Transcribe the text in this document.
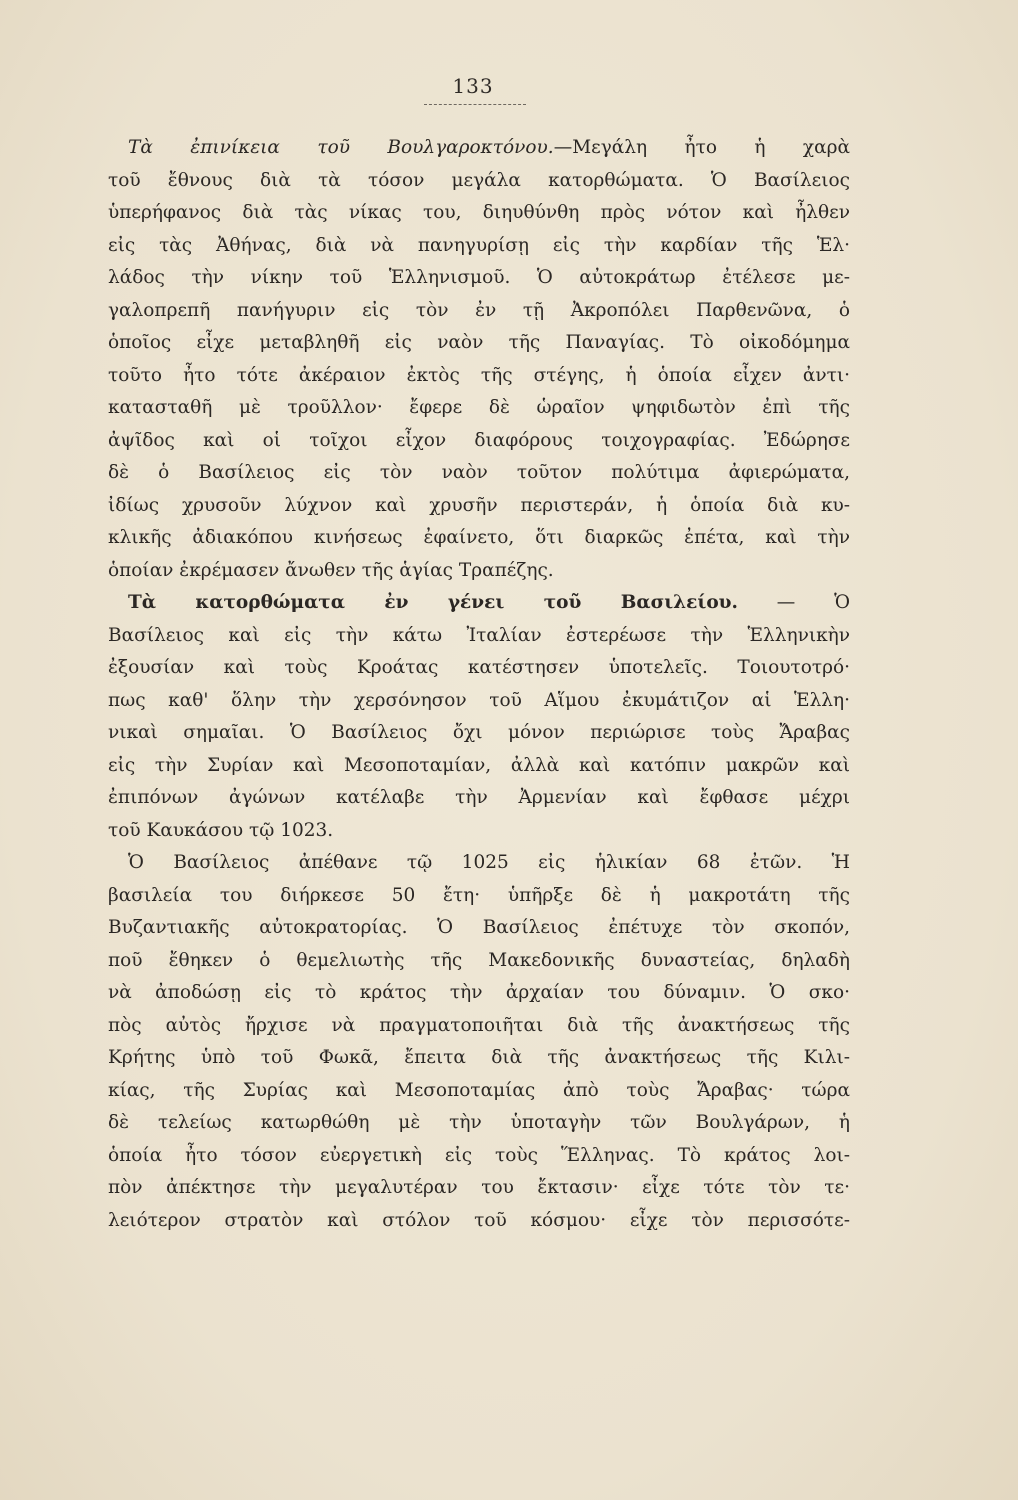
133
Τὰ ἐπινίκεια τοῦ Βουλγαροκτόνου.—Μεγάλη ἦτο ἡ χαρὰ
τοῦ ἔθνους διὰ τὰ τόσον μεγάλα κατορθώματα. Ὁ Βασίλειος
ὑπερήφανος διὰ τὰς νίκας του, διηυθύνθη πρὸς νότον καὶ ἦλθεν
εἰς τὰς Ἀθήνας, διὰ νὰ πανηγυρίσῃ εἰς τὴν καρδίαν τῆς Ἑλ·
λάδος τὴν νίκην τοῦ Ἑλληνισμοῦ. Ὁ αὐτοκράτωρ ἐτέλεσε με-
γαλοπρεπῆ πανήγυριν εἰς τὸν ἐν τῇ Ἀκροπόλει Παρθενῶνα, ὁ
ὁποῖος εἶχε μεταβληθῆ εἰς ναὸν τῆς Παναγίας. Τὸ οἰκοδόμημα
τοῦτο ἦτο τότε ἀκέραιον ἐκτὸς τῆς στέγης, ἡ ὁποία εἶχεν ἀντι·
κατασταθῆ μὲ τροῦλλον· ἔφερε δὲ ὡραῖον ψηφιδωτὸν ἐπὶ τῆς
ἀψῖδος καὶ οἱ τοῖχοι εἶχον διαφόρους τοιχογραφίας. Ἐδώρησε
δὲ ὁ Βασίλειος εἰς τὸν ναὸν τοῦτον πολύτιμα ἀφιερώματα,
ἰδίως χρυσοῦν λύχνον καὶ χρυσῆν περιστεράν, ἡ ὁποία διὰ κυ-
κλικῆς ἀδιακόπου κινήσεως ἐφαίνετο, ὅτι διαρκῶς ἐπέτα, καὶ τὴν
ὁποίαν ἐκρέμασεν ἄνωθεν τῆς ἁγίας Τραπέζης.
Τὰ κατορθώματα ἐν γένει τοῦ Βασιλείου. — Ὁ
Βασίλειος καὶ εἰς τὴν κάτω Ἰταλίαν ἐστερέωσε τὴν Ἑλληνικὴν
ἐξουσίαν καὶ τοὺς Κροάτας κατέστησεν ὑποτελεῖς. Τοιουτοτρό·
πως καθ' ὅλην τὴν χερσόνησον τοῦ Αἵμου ἐκυμάτιζον αἱ Ἑλλη·
νικαὶ σημαῖαι. Ὁ Βασίλειος ὄχι μόνον περιώρισε τοὺς Ἄραβας
εἰς τὴν Συρίαν καὶ Μεσοποταμίαν, ἀλλὰ καὶ κατόπιν μακρῶν καὶ
ἐπιπόνων ἀγώνων κατέλαβε τὴν Ἀρμενίαν καὶ ἔφθασε μέχρι
τοῦ Καυκάσου τῷ 1023.
Ὁ Βασίλειος ἀπέθανε τῷ 1025 εἰς ἡλικίαν 68 ἐτῶν. Ἡ
βασιλεία του διήρκεσε 50 ἔτη· ὑπῆρξε δὲ ἡ μακροτάτη τῆς
Βυζαντιακῆς αὐτοκρατορίας. Ὁ Βασίλειος ἐπέτυχε τὸν σκοπόν,
ποῦ ἔθηκεν ὁ θεμελιωτὴς τῆς Μακεδονικῆς δυναστείας, δηλαδὴ
νὰ ἀποδώσῃ εἰς τὸ κράτος τὴν ἀρχαίαν του δύναμιν. Ὁ σκο·
πὸς αὐτὸς ἤρχισε νὰ πραγματοποιῆται διὰ τῆς ἀνακτήσεως τῆς
Κρήτης ὑπὸ τοῦ Φωκᾶ, ἔπειτα διὰ τῆς ἀνακτήσεως τῆς Κιλι-
κίας, τῆς Συρίας καὶ Μεσοποταμίας ἀπὸ τοὺς Ἄραβας· τώρα
δὲ τελείως κατωρθώθη μὲ τὴν ὑποταγὴν τῶν Βουλγάρων, ἡ
ὁποία ἦτο τόσον εὐεργετικὴ εἰς τοὺς Ἕλληνας. Τὸ κράτος λοι-
πὸν ἀπέκτησε τὴν μεγαλυτέραν του ἔκτασιν· εἶχε τότε τὸν τε·
λειότερον στρατὸν καὶ στόλον τοῦ κόσμου· εἶχε τὸν περισσότε-
